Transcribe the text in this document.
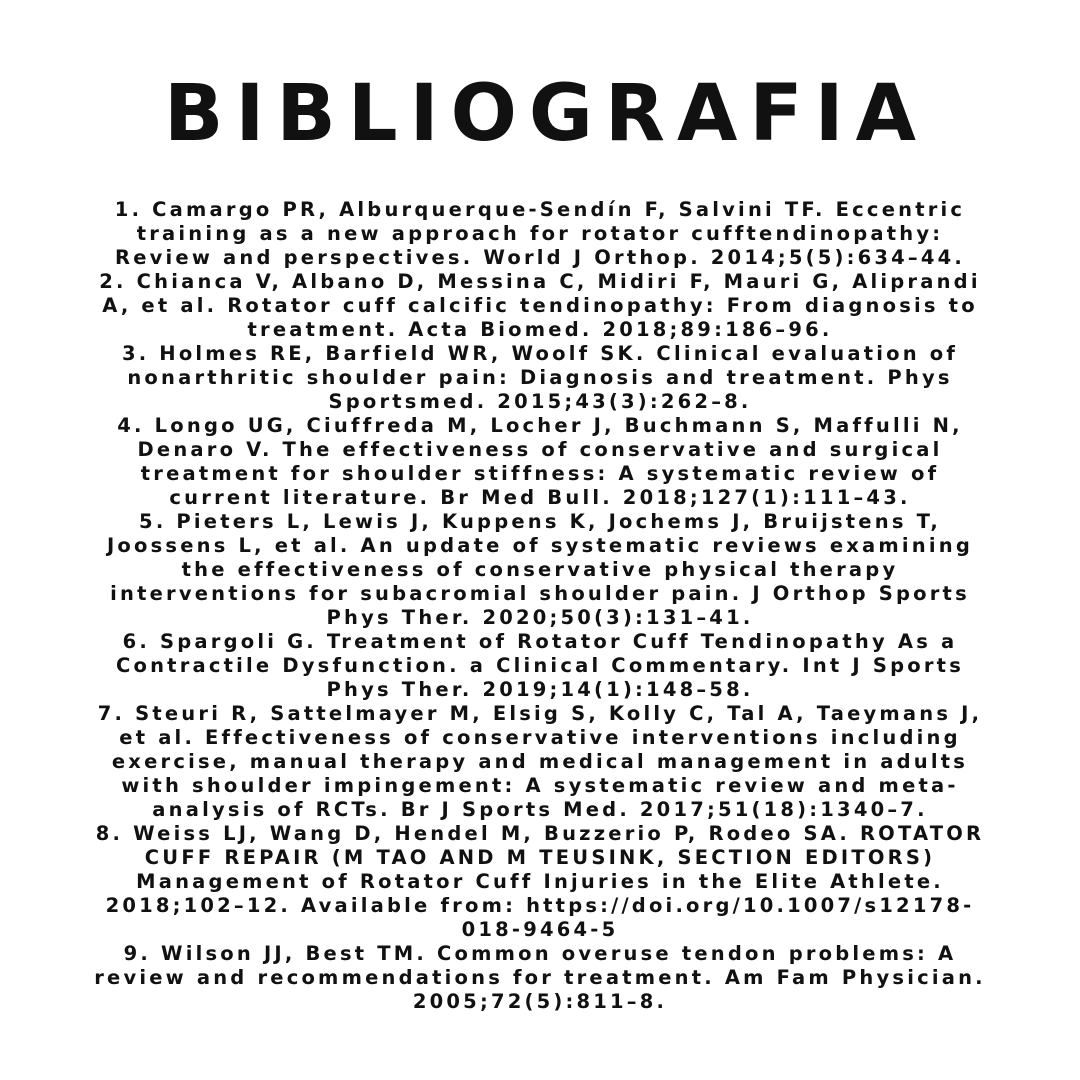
BIBLIOGRAFIA
1. Camargo PR, Alburquerque-Sendín F, Salvini TF. Eccentric
training as a new approach for rotator cufftendinopathy:
Review and perspectives. World J Orthop. 2014;5(5):634–44.
2. Chianca V, Albano D, Messina C, Midiri F, Mauri G, Aliprandi
A, et al. Rotator cuff calcific tendinopathy: From diagnosis to
treatment. Acta Biomed. 2018;89:186–96.
3. Holmes RE, Barfield WR, Woolf SK. Clinical evaluation of
nonarthritic shoulder pain: Diagnosis and treatment. Phys
Sportsmed. 2015;43(3):262–8.
4. Longo UG, Ciuffreda M, Locher J, Buchmann S, Maffulli N,
Denaro V. The effectiveness of conservative and surgical
treatment for shoulder stiffness: A systematic review of
current literature. Br Med Bull. 2018;127(1):111–43.
5. Pieters L, Lewis J, Kuppens K, Jochems J, Bruijstens T,
Joossens L, et al. An update of systematic reviews examining
the effectiveness of conservative physical therapy
interventions for subacromial shoulder pain. J Orthop Sports
Phys Ther. 2020;50(3):131–41.
6. Spargoli G. Treatment of Rotator Cuff Tendinopathy As a
Contractile Dysfunction. a Clinical Commentary. Int J Sports
Phys Ther. 2019;14(1):148–58.
7. Steuri R, Sattelmayer M, Elsig S, Kolly C, Tal A, Taeymans J,
et al. Effectiveness of conservative interventions including
exercise, manual therapy and medical management in adults
with shoulder impingement: A systematic review and meta-
analysis of RCTs. Br J Sports Med. 2017;51(18):1340–7.
8. Weiss LJ, Wang D, Hendel M, Buzzerio P, Rodeo SA. ROTATOR
CUFF REPAIR (M TAO AND M TEUSINK, SECTION EDITORS)
Management of Rotator Cuff Injuries in the Elite Athlete.
2018;102–12. Available from: https://doi.org/10.1007/s12178-
018-9464-5
9. Wilson JJ, Best TM. Common overuse tendon problems: A
review and recommendations for treatment. Am Fam Physician.
2005;72(5):811–8.
